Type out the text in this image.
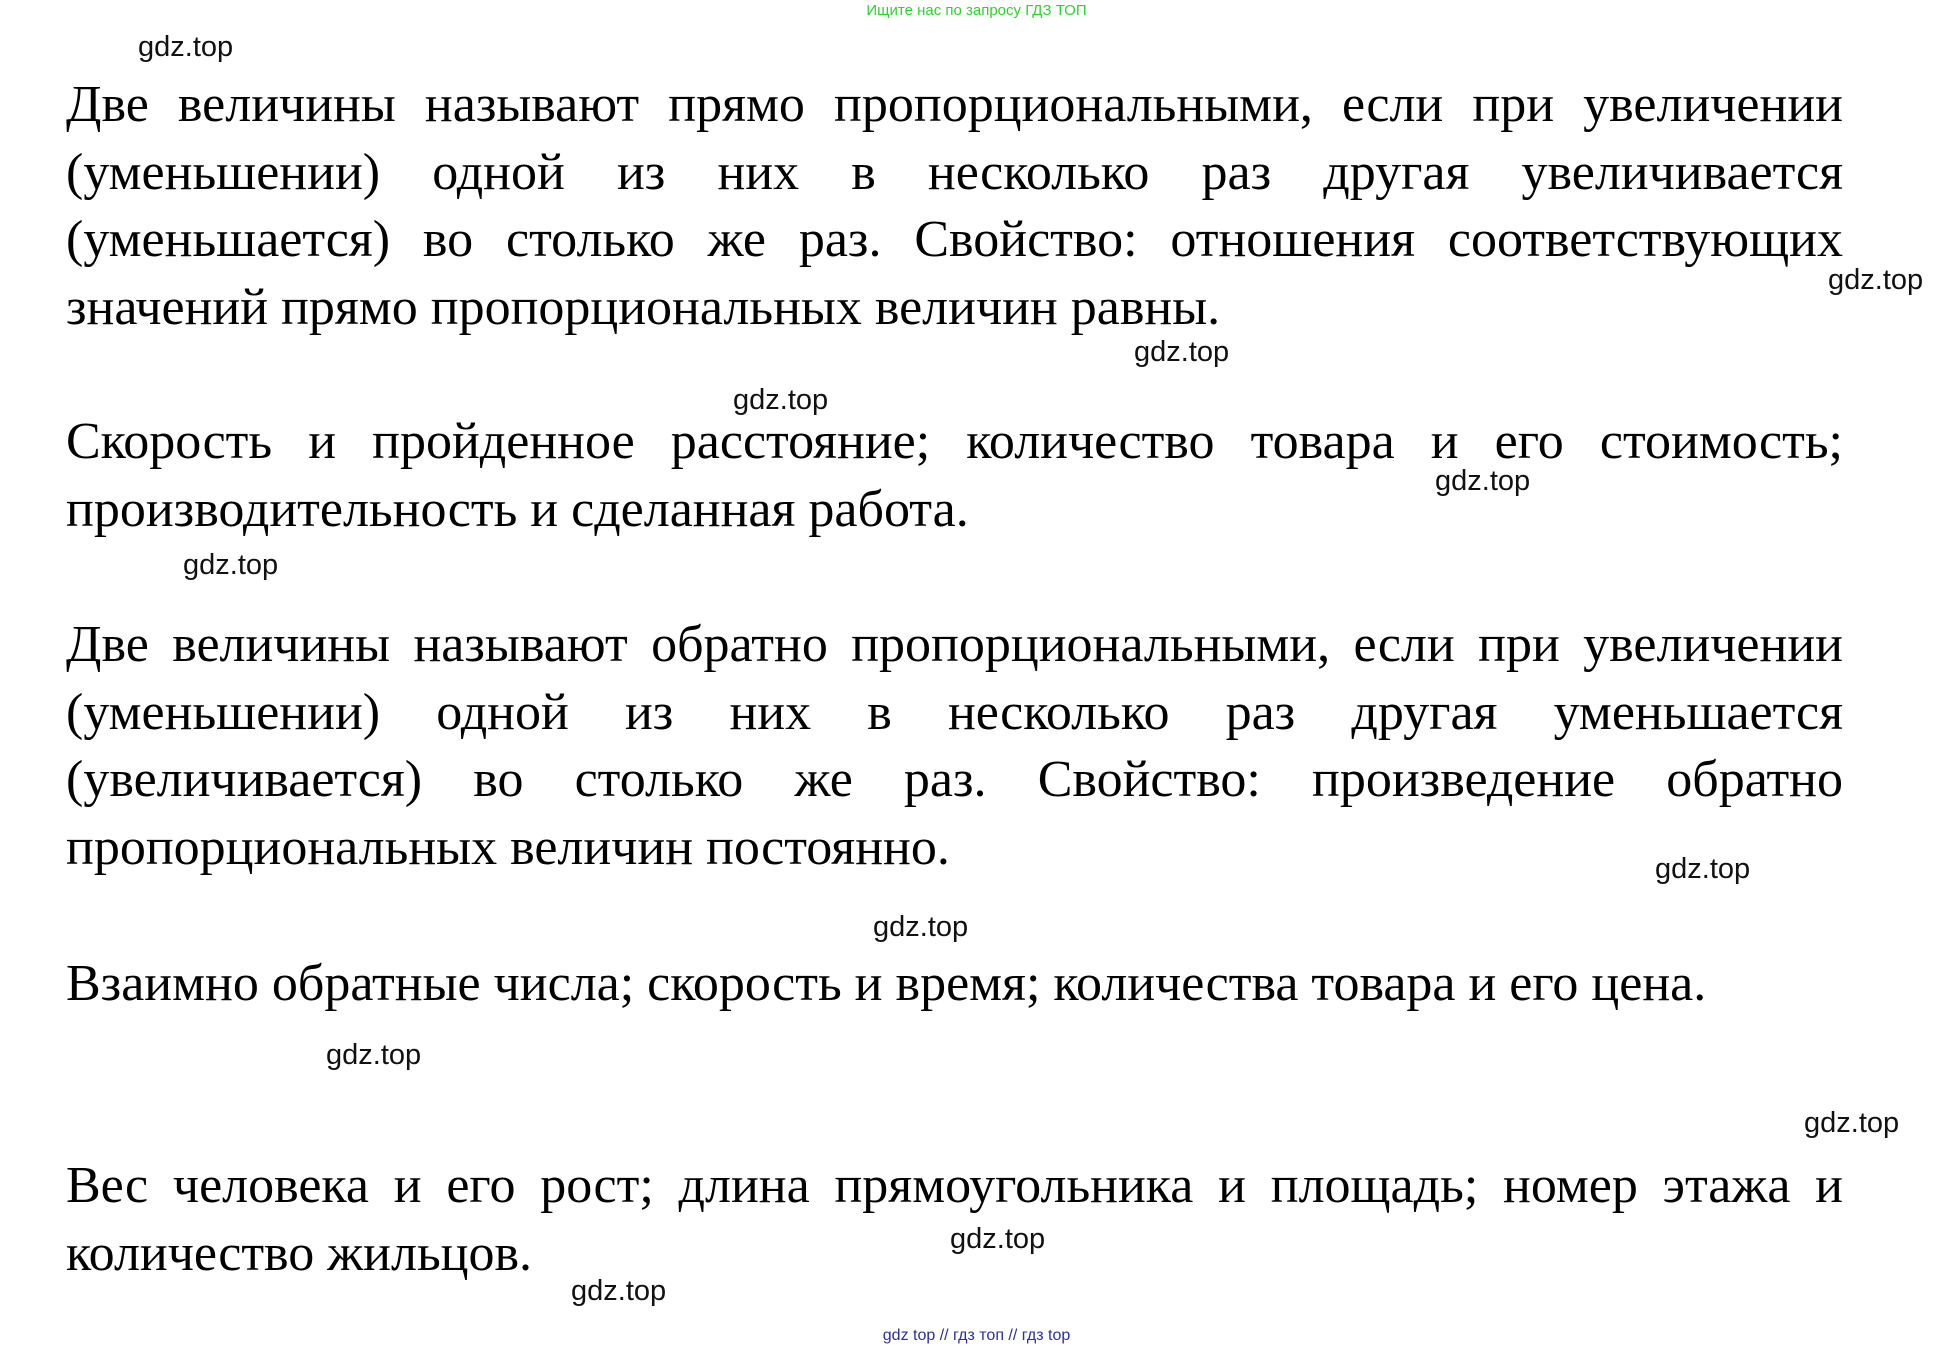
Ищите нас по запросу ГДЗ ТОП

Две величины называют прямо пропорциональными, если при увеличении (уменьшении) одной из них в несколько раз другая увеличивается (уменьшается) во столько же раз. Свойство: отношения соответствующих значений прямо пропорциональных величин равны.

Скорость и пройденное расстояние; количество товара и его стоимость; производительность и сделанная работа.

Две величины называют обратно пропорциональными, если при увеличении (уменьшении) одной из них в несколько раз другая уменьшается (увеличивается) во столько же раз. Свойство: произведение обратно пропорциональных величин постоянно.

Взаимно обратные числа; скорость и время; количества товара и его цена.

Вес человека и его рост; длина прямоугольника и площадь; номер этажа и количество жильцов.

gdz.top
gdz.top
gdz.top
gdz.top
gdz.top
gdz.top
gdz.top
gdz.top
gdz.top
gdz.top
gdz.top
gdz.top
gdz top // гдз топ // гдз top
